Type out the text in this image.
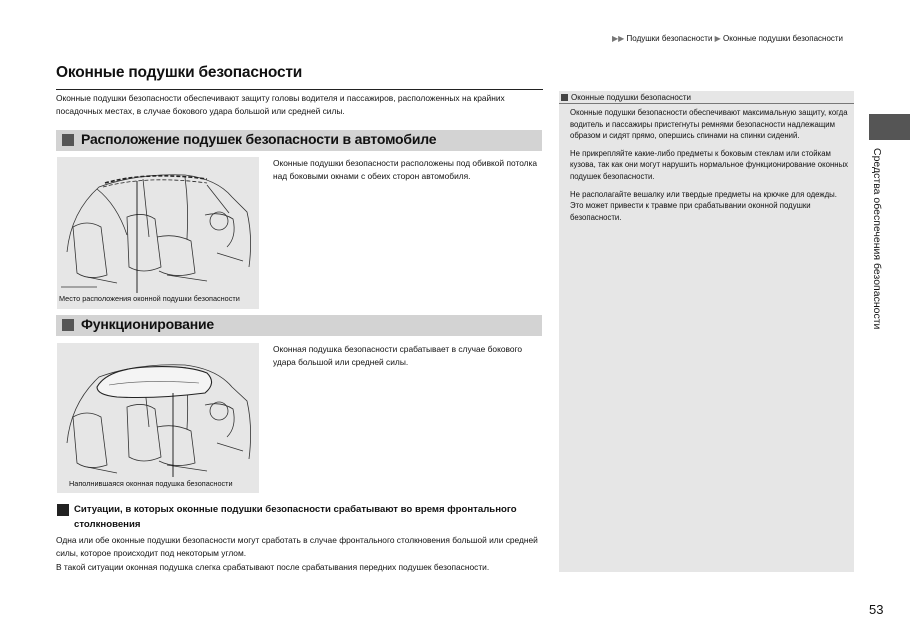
▶▶ Подушки безопасности ▶ Оконные подушки безопасности
Оконные подушки безопасности
Оконные подушки безопасности обеспечивают защиту головы водителя и пассажиров, расположенных на крайних посадочных местах, в случае бокового удара большой или средней силы.
Расположение подушек безопасности в автомобиле
Место расположения оконной подушки безопасности
Оконные подушки безопасности расположены под обивкой потолка над боковыми окнами с обеих сторон автомобиля.
Функционирование
Наполнившаяся оконная подушка безопасности
Оконная подушка безопасности срабатывает в случае бокового удара большой или средней силы.
Ситуации, в которых оконные подушки безопасности срабатывают во время фронтального столкновения

Одна или обе оконные подушки безопасности могут сработать в случае фронтального столкновения большой или средней силы, которое происходит под некоторым углом.

В такой ситуации оконная подушка слегка срабатывают после срабатывания передних подушек безопасности.

Оконные подушки безопасности

Оконные подушки безопасности обеспечивают максимальную защиту, когда водитель и пассажиры пристегнуты ремнями безопасности надлежащим образом и сидят прямо, опершись спинами на спинки сидений.

Не прикрепляйте какие-либо предметы к боковым стеклам или стойкам кузова, так как они могут нарушить нормальное функционирование оконных подушек безопасности.

Не располагайте вешалку или твердые предметы на крючке для одежды. Это может привести к травме при срабатывании оконной подушки безопасности.	Средства обеспечения безопасности
53
